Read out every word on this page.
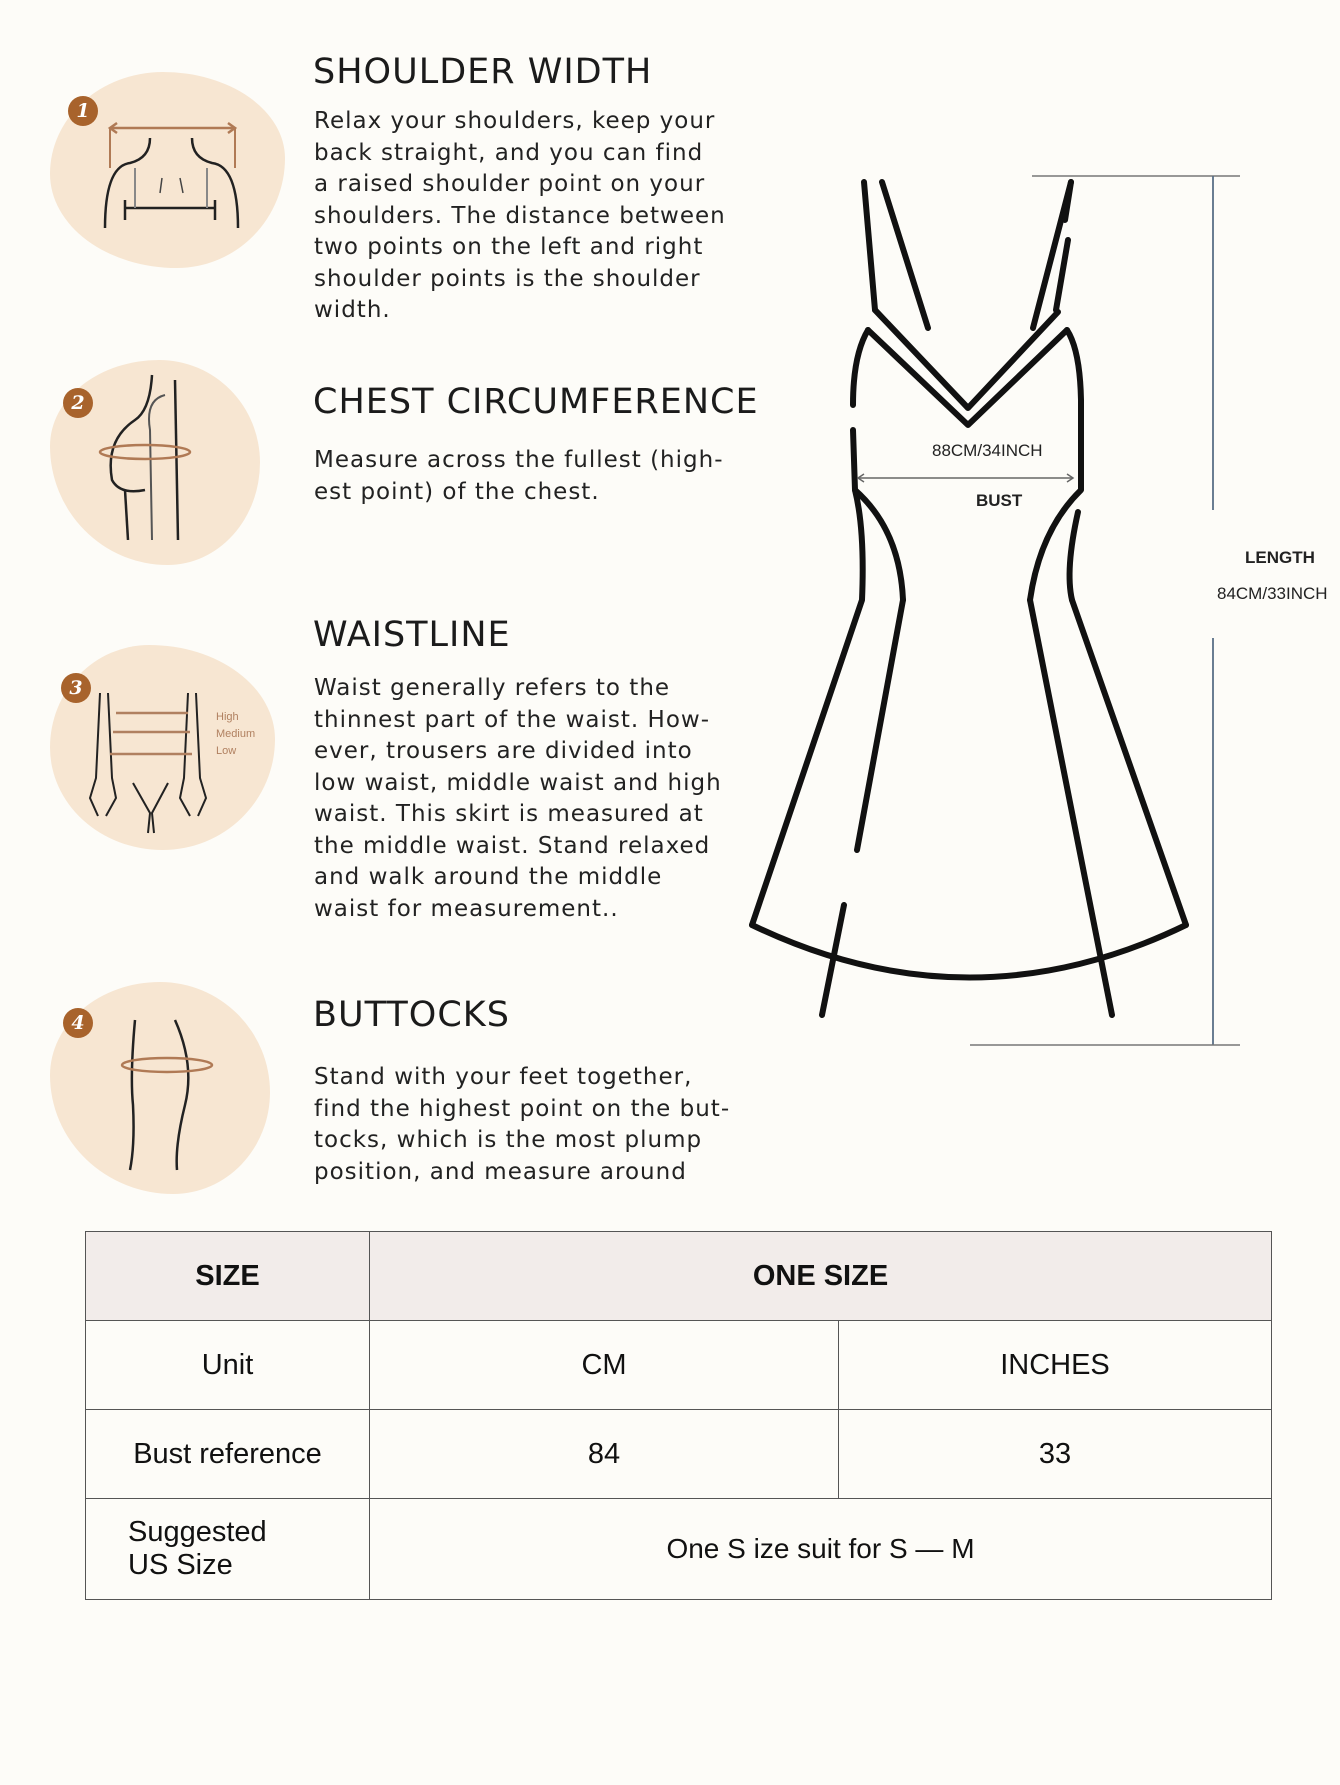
1
SHOULDER WIDTH
Relax your shoulders, keep your
back straight, and you can find
a raised shoulder point on your
shoulders. The distance between
two points on the left and right
shoulder points is the shoulder
width.
2	CHEST CIRCUMFERENCE
Measure across the fullest (high-
est point) of the chest.
High
Medium
Low
3
WAISTLINE
Waist generally refers to the
thinnest part of the waist. How-
ever, trousers are divided into
low waist, middle waist and high
waist. This skirt is measured at
the middle waist. Stand relaxed
and walk around the middle
waist for measurement..
4	BUTTOCKS
Stand with your feet together,
find the highest point on the but-
tocks, which is the most plump
position, and measure around
88CM/34INCH
BUST
LENGTH
84CM/33INCH
SIZE	ONE SIZE	
Unit	CM	INCHES
Bust reference	84	33

Suggested
US Size	One S ize suit for S — M	
